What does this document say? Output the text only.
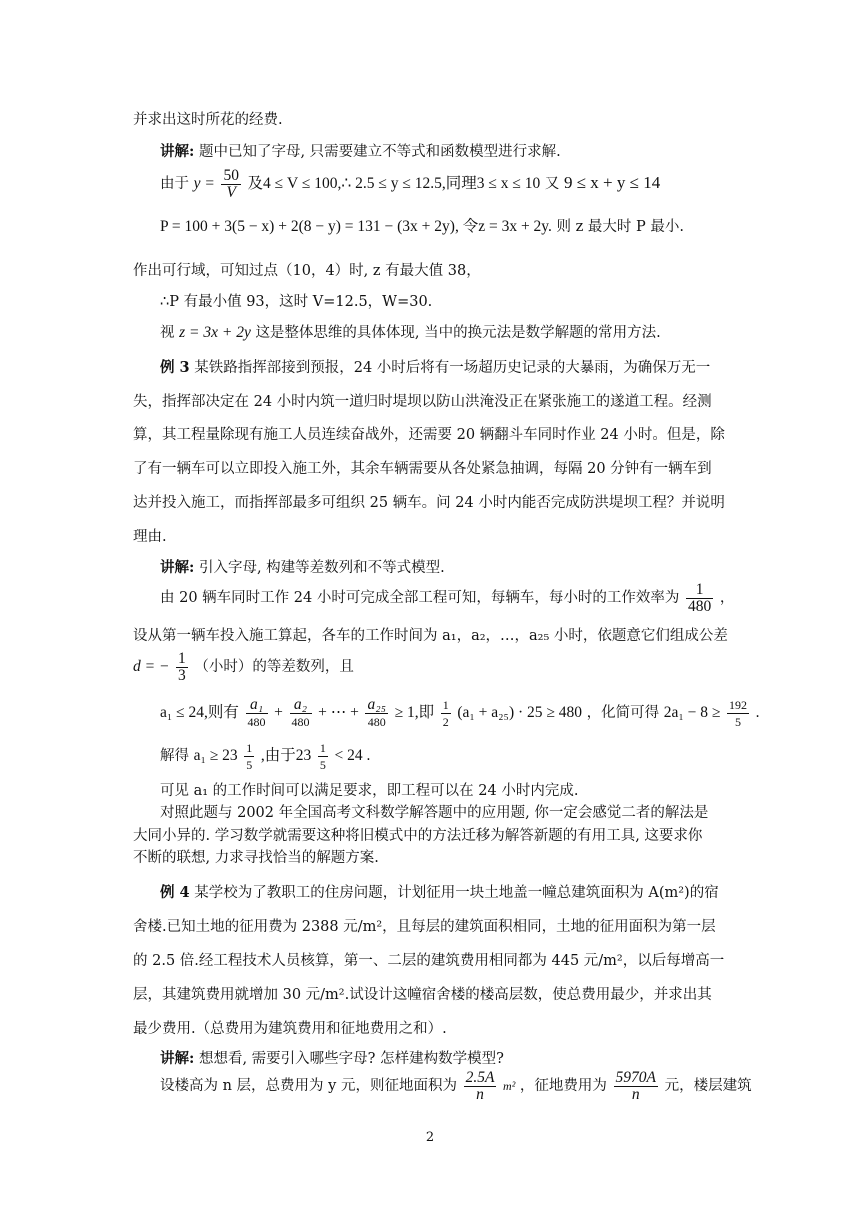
并求出这时所花的经费.
讲解: 题中已知了字母, 只需要建立不等式和函数模型进行求解.
由于 $y = \frac{50}{V}$ 及4 ≤ V ≤ 100,∴ 2.5 ≤ y ≤ 12.5,同理3 ≤ x ≤ 10 又 9 ≤ x + y ≤ 14
P = 100 + 3(5 − x) + 2(8 − y) = 131 − (3x + 2y), 令z = 3x + 2y. 则 z 最大时 P 最小.
作出可行域，可知过点（10，4）时, z 有最大值 38，
∴P 有最小值 93，这时 V=12.5，W=30.
视 z = 3x + 2y 这是整体思维的具体体现, 当中的换元法是数学解题的常用方法.
例 3 某铁路指挥部接到预报，24 小时后将有一场超历史记录的大暴雨，为确保万无一
失，指挥部决定在 24 小时内筑一道归时堤坝以防山洪淹没正在紧张施工的遂道工程。经测
算，其工程量除现有施工人员连续奋战外，还需要 20 辆翻斗车同时作业 24 小时。但是，除
了有一辆车可以立即投入施工外，其余车辆需要从各处紧急抽调，每隔 20 分钟有一辆车到
达并投入施工，而指挥部最多可组织 25 辆车。问 24 小时内能否完成防洪堤坝工程？并说明
理由.
讲解: 引入字母, 构建等差数列和不等式模型.
由 20 辆车同时工作 24 小时可完成全部工程可知，每辆车，每小时的工作效率为 $\frac{1}{480}$ ，
设从第一辆车投入施工算起，各车的工作时间为 a₁，a₂，…，a₂₅ 小时，依题意它们组成公差
d = − $\frac{1}{3}$ （小时）的等差数列，且
a₁ ≤ 24,则有 $\frac{\text{a₁}}{480} + \frac{\text{a₂}}{480}$ + ⋯ + $\frac{\text{a₂₅}}{480} \ge 1$,即 $\frac{1}{2} (a_1 + a_{25}) \cdot 25 \ge 480$ ，化简可得 $2a_1 - 8 \ge \frac{192}{5}$ .
解得 $a_1 \ge 23 \frac{1}{5}$ ,由于$23 \frac{1}{5} < 24$ .
可见 a₁ 的工作时间可以满足要求，即工程可以在 24 小时内完成.
对照此题与 2002 年全国高考文科数学解答题中的应用题, 你一定会感觉二者的解法是
大同小异的. 学习数学就需要这种将旧模式中的方法迁移为解答新题的有用工具, 这要求你
不断的联想, 力求寻找恰当的解题方案.
例 4 某学校为了教职工的住房问题，计划征用一块土地盖一幢总建筑面积为 A(m²)的宿
舍楼.已知土地的征用费为 2388 元/m²，且每层的建筑面积相同，土地的征用面积为第一层
的 2.5 倍.经工程技术人员核算，第一、二层的建筑费用相同都为 445 元/m²，以后每增高一
层，其建筑费用就增加 30 元/m².试设计这幢宿舍楼的楼高层数，使总费用最少，并求出其
最少费用.（总费用为建筑费用和征地费用之和）.
讲解: 想想看, 需要引入哪些字母? 怎样建构数学模型?
设楼高为 n 层，总费用为 y 元，则征地面积为 $\frac{2.5A}{n} m^2$ ，征地费用为 $\frac{5970A}{n}$ 元，楼层建筑
2
